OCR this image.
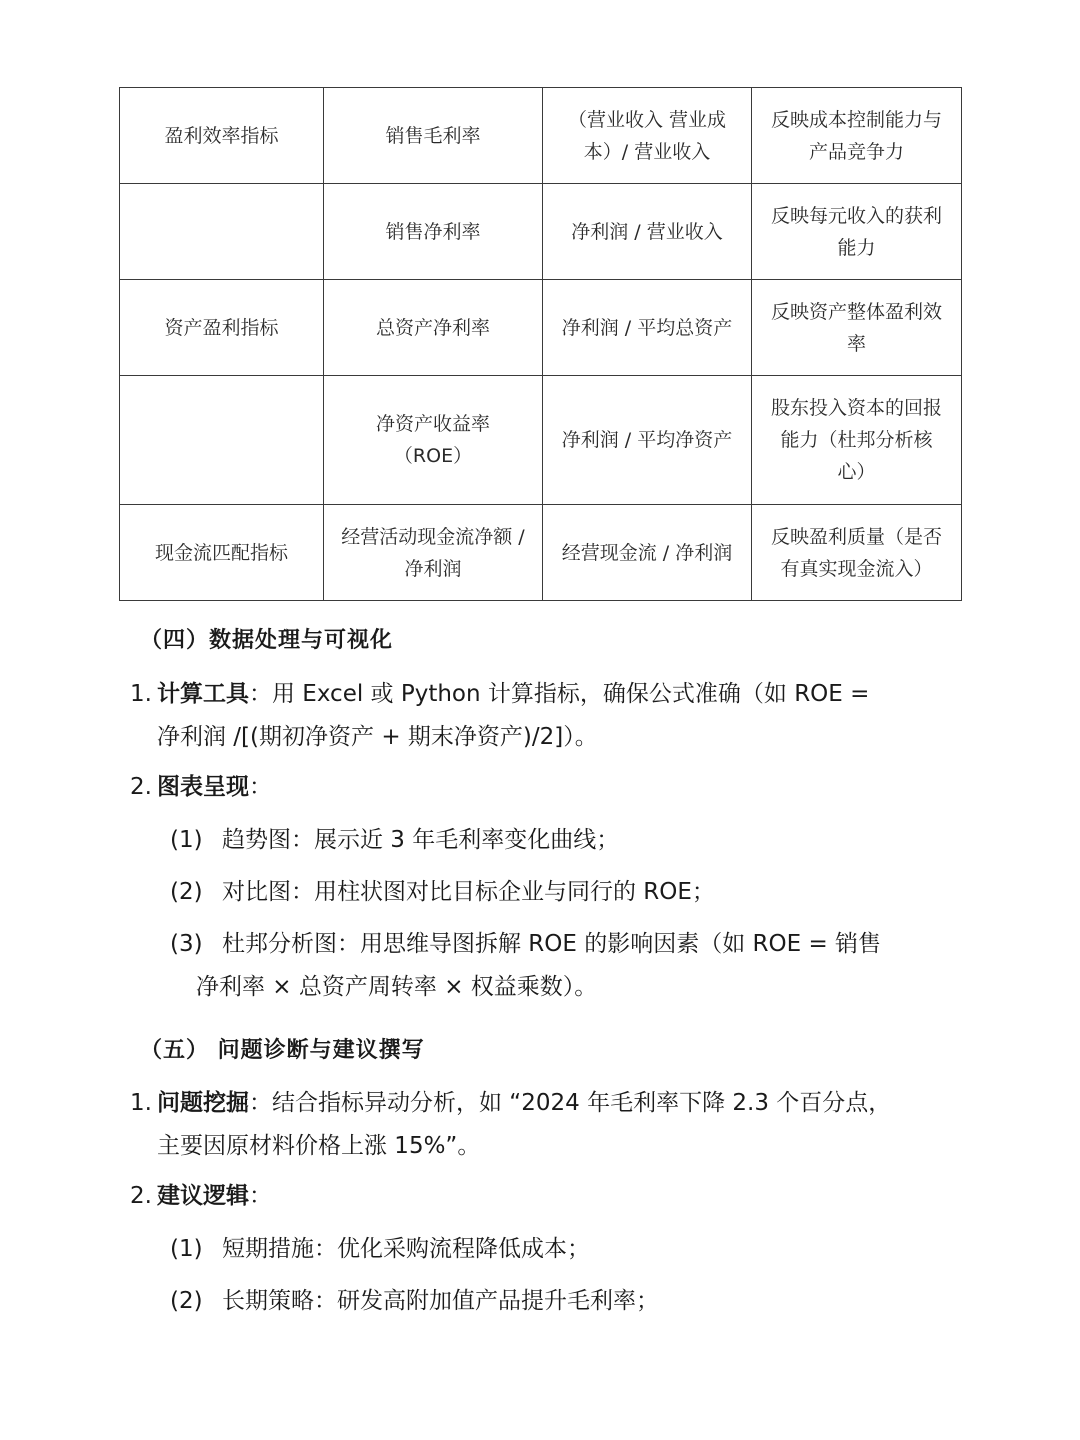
盈利效率指标	销售毛利率	（营业收入 营业成
本）/ 营业收入	反映成本控制能力与
产品竞争力
	销售净利率	净利润 / 营业收入	反映每元收入的获利
能力
资产盈利指标	总资产净利率	净利润 / 平均总资产	反映资产整体盈利效
率
	净资产收益率
（ROE）	净利润 / 平均净资产	股东投入资本的回报
能力（杜邦分析核
心）
现金流匹配指标	经营活动现金流净额 /
净利润	经营现金流 / 净利润	反映盈利质量（是否
有真实现金流入）
（四）数据处理与可视化
1. 计算工具：用 Excel 或 Python 计算指标，确保公式准确（如 ROE =
净利润 /[(期初净资产 + 期末净资产)/2]）。
2. 图表呈现：
(1) 趋势图：展示近 3 年毛利率变化曲线；
(2) 对比图：用柱状图对比目标企业与同行的 ROE；
(3) 杜邦分析图：用思维导图拆解 ROE 的影响因素（如 ROE = 销售
净利率 × 总资产周转率 × 权益乘数）。
（五） 问题诊断与建议撰写
1. 问题挖掘：结合指标异动分析，如 “2024 年毛利率下降 2.3 个百分点，
主要因原材料价格上涨 15%”。
2. 建议逻辑：
(1) 短期措施：优化采购流程降低成本；
(2) 长期策略：研发高附加值产品提升毛利率；
